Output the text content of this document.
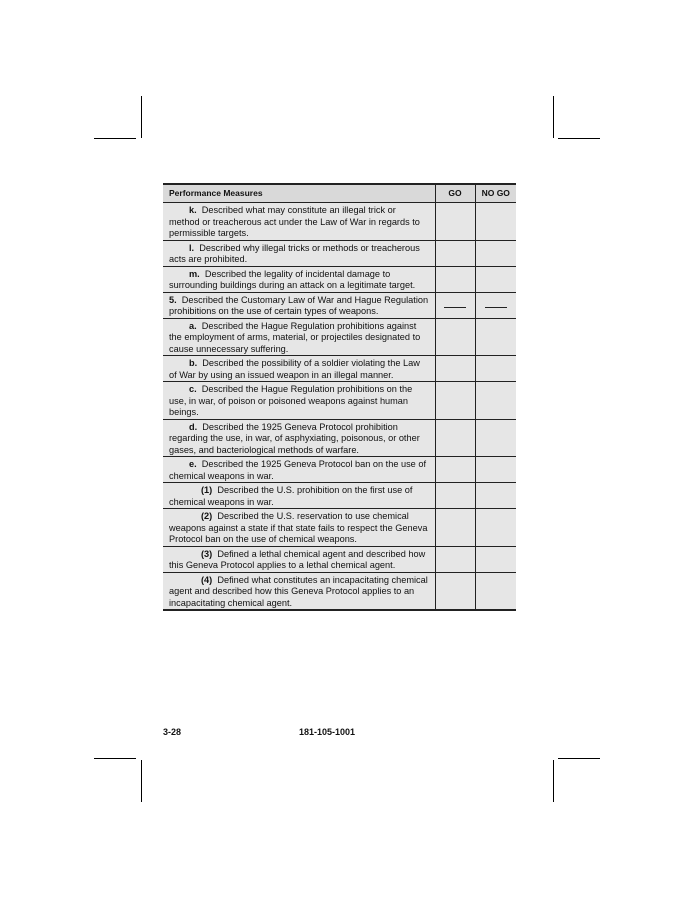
Performance Measures	GO	NO GO
k. Described what may constitute an illegal trick or method or treacherous act under the Law of War in regards to permissible targets.		
l. Described why illegal tricks or methods or treacherous acts are prohibited.		
m. Described the legality of incidental damage to surrounding buildings during an attack on a legitimate target.		
5. Described the Customary Law of War and Hague Regulation prohibitions on the use of certain types of weapons.		
a. Described the Hague Regulation prohibitions against the employment of arms, material, or projectiles designated to cause unnecessary suffering.		
b. Described the possibility of a soldier violating the Law of War by using an issued weapon in an illegal manner.		
c. Described the Hague Regulation prohibitions on the use, in war, of poison or poisoned weapons against human beings.		
d. Described the 1925 Geneva Protocol prohibition regarding the use, in war, of asphyxiating, poisonous, or other gases, and bacteriological methods of warfare.		
e. Described the 1925 Geneva Protocol ban on the use of chemical weapons in war.		
(1) Described the U.S. prohibition on the first use of chemical weapons in war.		
(2) Described the U.S. reservation to use chemical weapons against a state if that state fails to respect the Geneva Protocol ban on the use of chemical weapons.		
(3) Defined a lethal chemical agent and described how this Geneva Protocol applies to a lethal chemical agent.		
(4) Defined what constitutes an incapacitating chemical agent and described how this Geneva Protocol applies to an incapacitating chemical agent.		
3-28	181-105-1001
